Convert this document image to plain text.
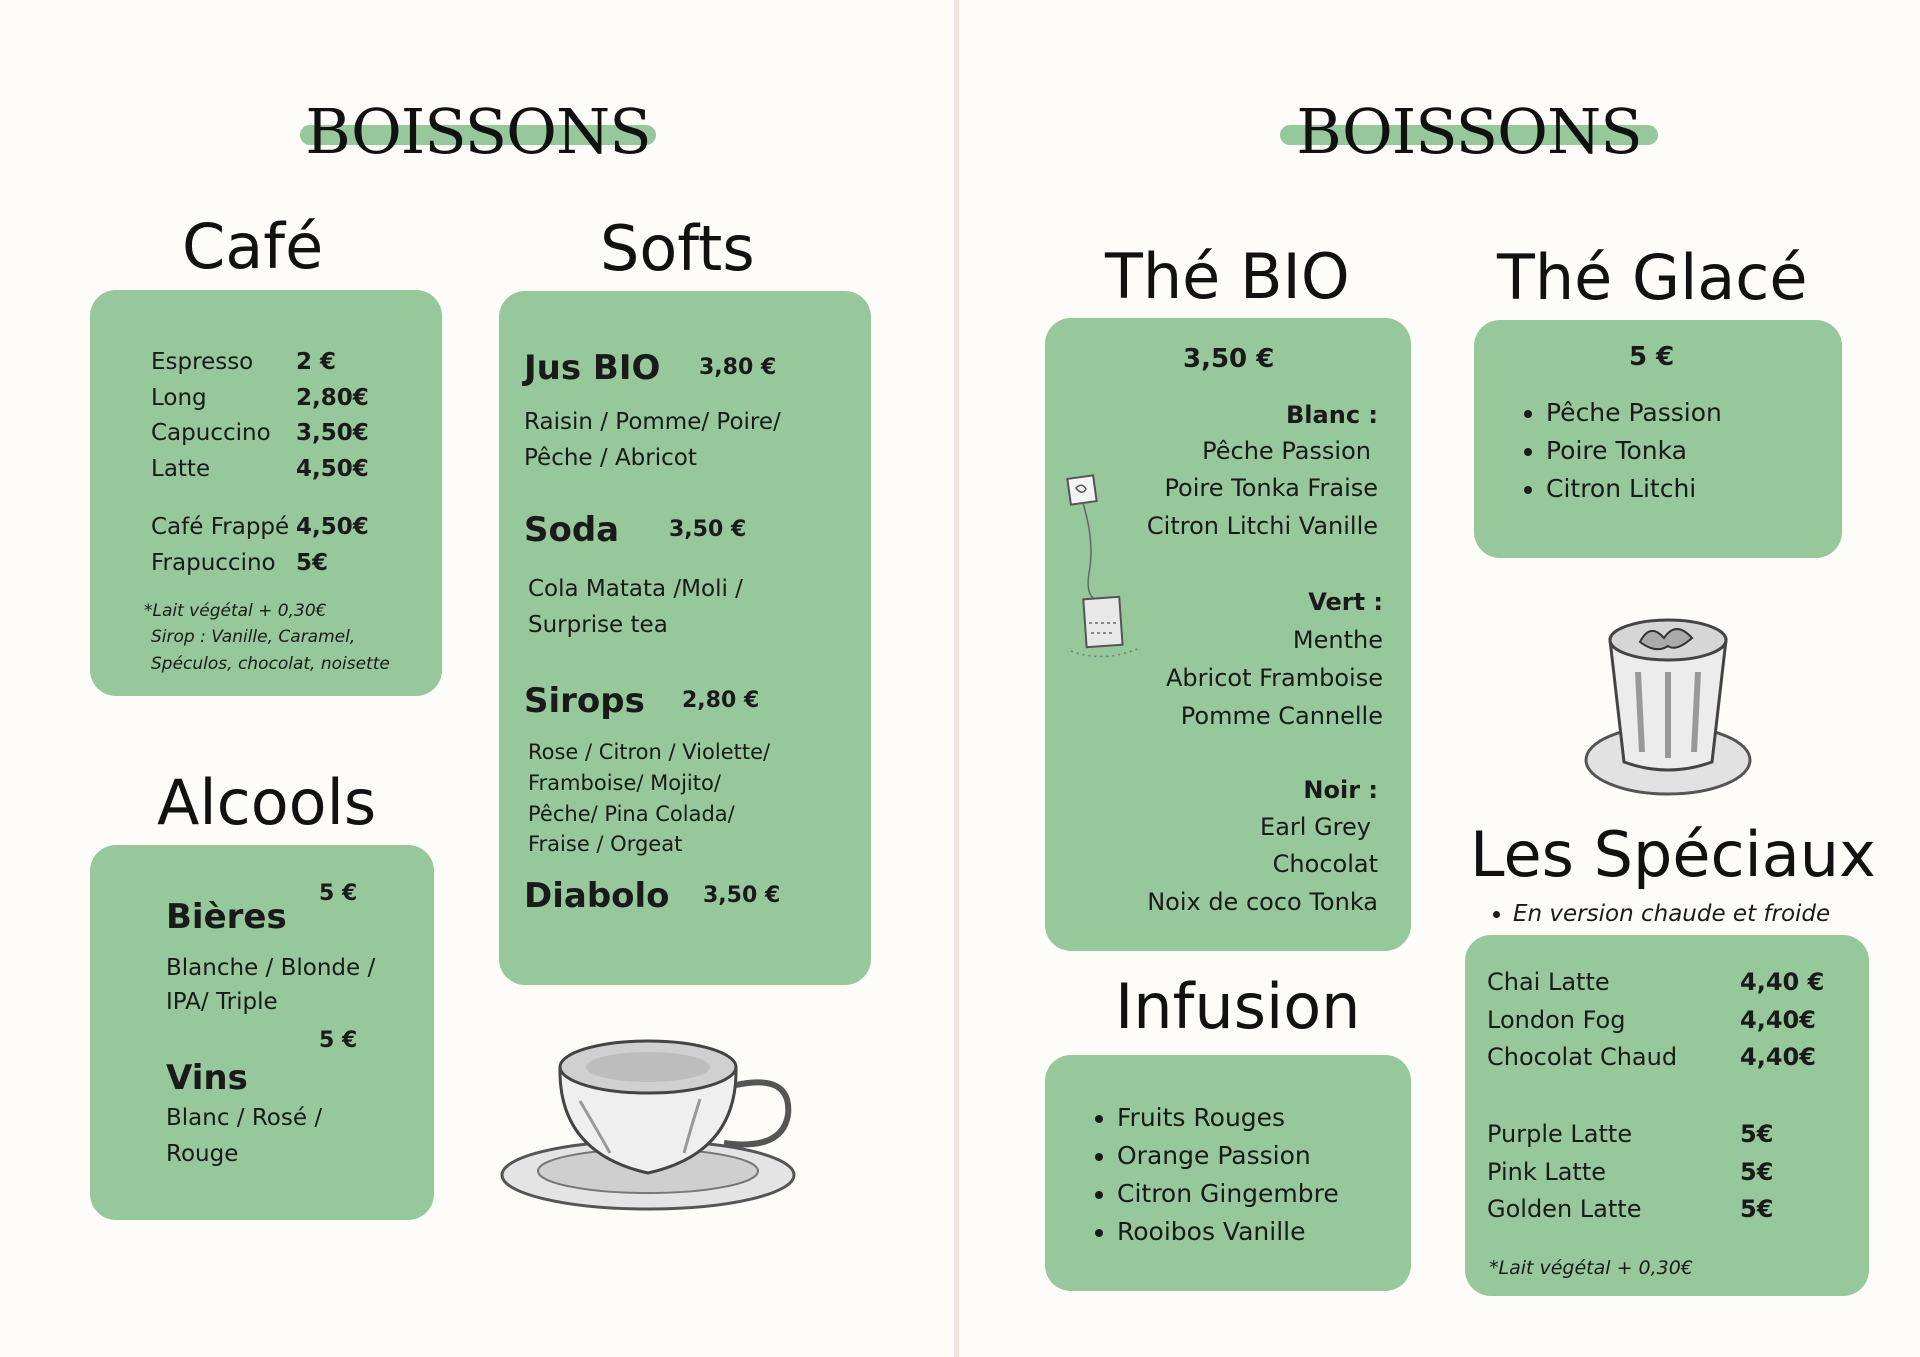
BOISSONS
Café
Espresso 2 €
Long	2,80€
Capuccino 3,50€
Latte	4,50€
Café Frappé 4,50€
Frapuccino 5€
*Lait végétal + 0,30€
Sirop : Vanille, Caramel,
Spéculos, chocolat, noisette
Softs
Jus BIO 3,80 €
Raisin / Pomme/ Poire/
Pêche / Abricot
Soda 3,50 €
Cola Matata /Moli /
Surprise tea
Sirops 2,80 €
Rose / Citron / Violette/
Framboise/ Mojito/
Pêche/ Pina Colada/
Fraise / Orgeat
Diabolo 3,50 €
Alcools
5 €
Bières
Blanche / Blonde /
IPA/ Triple
5 €
Vins
Blanc / Rosé /
Rouge
BOISSONS
Thé BIO
3,50 €
Blanc :
Pêche Passion
Poire Tonka Fraise
Citron Litchi Vanille
Vert :
Menthe
Abricot Framboise
Pomme Cannelle
Noir :
Earl Grey
Chocolat
Noix de coco Tonka
Thé Glacé
5 €
• Pêche Passion
• Poire Tonka
• Citron Litchi
Infusion
• Fruits Rouges
• Orange Passion
• Citron Gingembre
• Rooibos Vanille
Les Spéciaux
• En version chaude et froide
Chai Latte	4,40 €
London Fog	4,40€
Chocolat Chaud	4,40€
Purple Latte	5€
Pink Latte	5€
Golden Latte	5€
*Lait végétal + 0,30€
